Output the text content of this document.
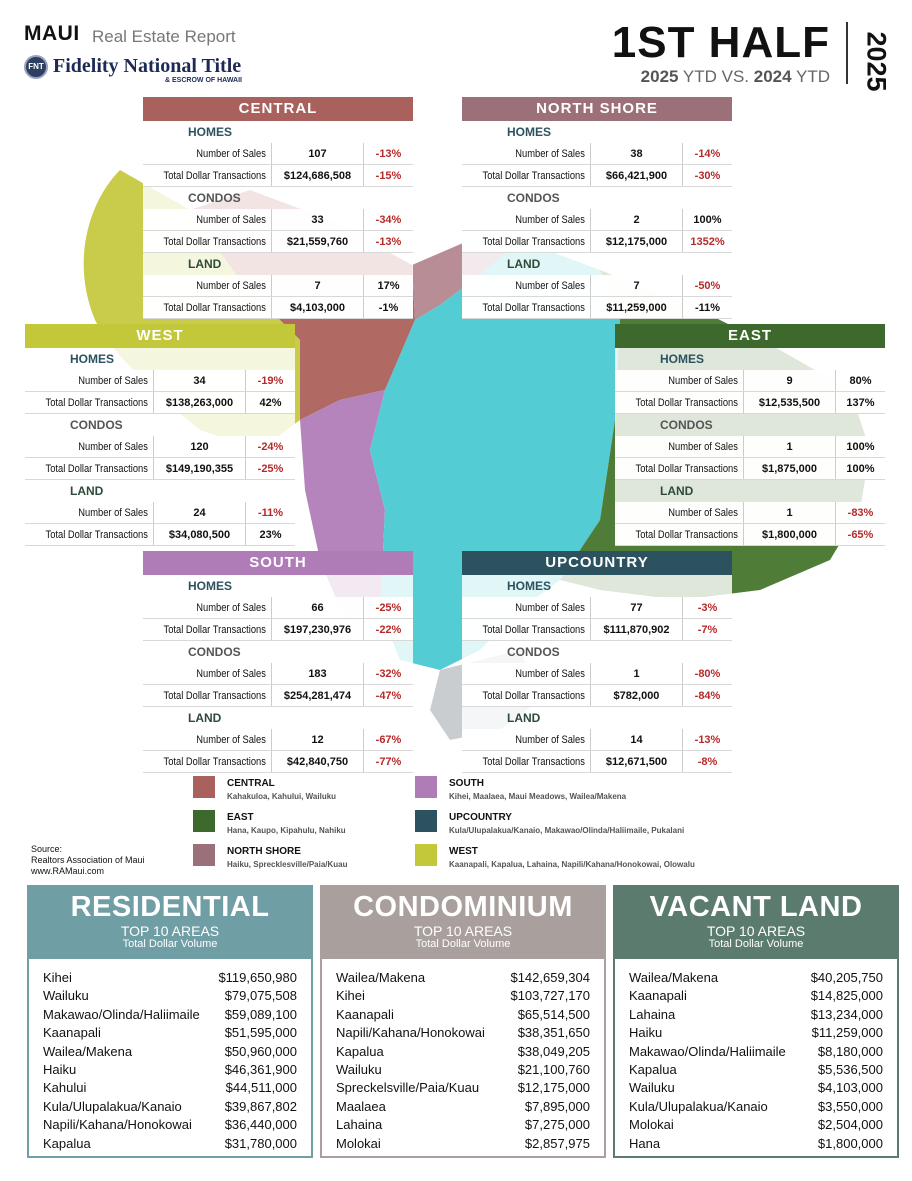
MAUI Real Estate Report
FNT Fidelity National Title
& ESCROW OF HAWAII
1ST HALF
2025 YTD VS. 2024 YTD 2025
CENTRAL
HOMES
Number of Sales	107	-13%
Total Dollar Transactions	$124,686,508	-15%
CONDOS
Number of Sales	33	-34%
Total Dollar Transactions	$21,559,760	-13%
LAND
Number of Sales	7	17%
Total Dollar Transactions	$4,103,000	-1%
NORTH SHORE
HOMES
Number of Sales	38	-14%
Total Dollar Transactions	$66,421,900	-30%
CONDOS
Number of Sales	2	100%
Total Dollar Transactions	$12,175,000	1352%
LAND
Number of Sales	7	-50%
Total Dollar Transactions	$11,259,000	-11%
WEST
HOMES
Number of Sales	34	-19%
Total Dollar Transactions	$138,263,000	42%
CONDOS
Number of Sales	120	-24%
Total Dollar Transactions	$149,190,355	-25%
LAND
Number of Sales	24	-11%
Total Dollar Transactions	$34,080,500	23%
EAST
HOMES
Number of Sales	9	80%
Total Dollar Transactions	$12,535,500	137%
CONDOS
Number of Sales	1	100%
Total Dollar Transactions	$1,875,000	100%
LAND
Number of Sales	1	-83%
Total Dollar Transactions	$1,800,000	-65%
SOUTH
HOMES
Number of Sales	66	-25%
Total Dollar Transactions	$197,230,976	-22%
CONDOS
Number of Sales	183	-32%
Total Dollar Transactions	$254,281,474	-47%
LAND
Number of Sales	12	-67%
Total Dollar Transactions	$42,840,750	-77%
UPCOUNTRY
HOMES
Number of Sales	77	-3%
Total Dollar Transactions	$111,870,902	-7%
CONDOS
Number of Sales	1	-80%
Total Dollar Transactions	$782,000	-84%
LAND
Number of Sales	14	-13%
Total Dollar Transactions	$12,671,500	-8%
CENTRAL
Kahakuloa, Kahului, Wailuku
EAST
Hana, Kaupo, Kipahulu, Nahiku
NORTH SHORE
Haiku, Sprecklesville/Paia/Kuau
SOUTH
Kihei, Maalaea, Maui Meadows, Wailea/Makena
UPCOUNTRY
Kula/Ulupalakua/Kanaio, Makawao/Olinda/Haliimaile, Pukalani
WEST
Kaanapali, Kapalua, Lahaina, Napili/Kahana/Honokowai, Olowalu
Source:
Realtors Association of Maui
www.RAMaui.com
RESIDENTIAL
TOP 10 AREAS
Total Dollar Volume
Kihei	$119,650,980
Wailuku	$79,075,508
Makawao/Olinda/Haliimaile $59,089,100
Kaanapali	$51,595,000
Wailea/Makena	$50,960,000
Haiku	$46,361,900
Kahului	$44,511,000
Kula/Ulupalakua/Kanaio	$39,867,802
Napili/Kahana/Honokowai	$36,440,000
Kapalua	$31,780,000
CONDOMINIUM
TOP 10 AREAS
Total Dollar Volume
Wailea/Makena	$142,659,304
Kihei	$103,727,170
Kaanapali	$65,514,500
Napili/Kahana/Honokowai	$38,351,650
Kapalua	$38,049,205
Wailuku	$21,100,760
Spreckelsville/Paia/Kuau	$12,175,000
Maalaea	$7,895,000
Lahaina	$7,275,000
Molokai	$2,857,975
VACANT LAND
TOP 10 AREAS
Total Dollar Volume
Wailea/Makena	$40,205,750
Kaanapali	$14,825,000
Lahaina	$13,234,000
Haiku	$11,259,000
Makawao/Olinda/Haliimaile $8,180,000
Kapalua	$5,536,500
Wailuku	$4,103,000
Kula/Ulupalakua/Kanaio	$3,550,000
Molokai	$2,504,000
Hana	$1,800,000
